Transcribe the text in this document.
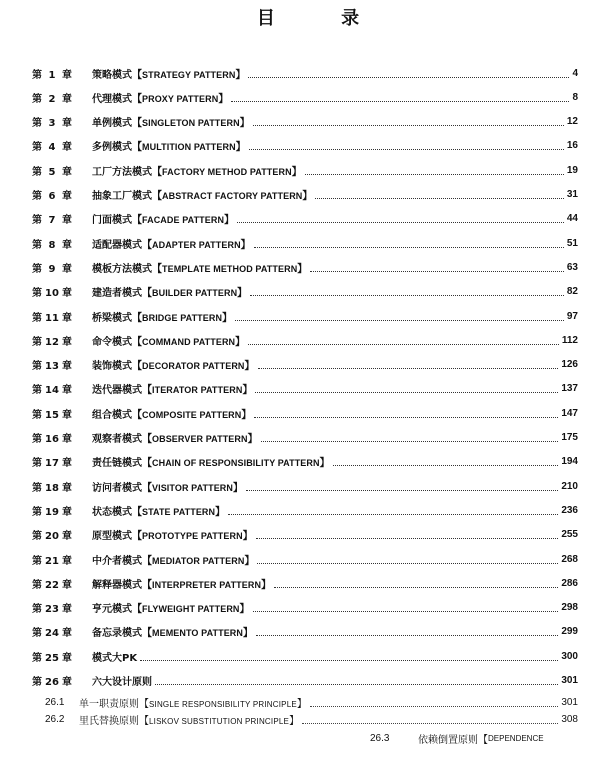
目 录
第 1 章	策略模式【STRATEGY PATTERN】	4
第 2 章	代理模式【PROXY PATTERN】	8
第 3 章	单例模式【SINGLETON PATTERN】	12
第 4 章	多例模式【MULTITION PATTERN】	16
第 5 章	工厂方法模式【FACTORY METHOD PATTERN】	19
第 6 章	抽象工厂模式【ABSTRACT FACTORY PATTERN】	31
第 7 章	门面模式【FACADE PATTERN】	44
第 8 章	适配器模式【ADAPTER PATTERN】	51
第 9 章	模板方法模式【TEMPLATE METHOD PATTERN】	63
第 10 章	建造者模式【BUILDER PATTERN】	82
第 11 章	桥梁模式【BRIDGE PATTERN】	97
第 12 章	命令模式【COMMAND PATTERN】	112
第 13 章	装饰模式【DECORATOR PATTERN】	126
第 14 章	迭代器模式【ITERATOR PATTERN】	137
第 15 章	组合模式【COMPOSITE PATTERN】	147
第 16 章	观察者模式【OBSERVER PATTERN】	175
第 17 章	责任链模式【CHAIN OF RESPONSIBILITY PATTERN】	194
第 18 章	访问者模式【VISITOR PATTERN】	210
第 19 章	状态模式【STATE PATTERN】	236
第 20 章	原型模式【PROTOTYPE PATTERN】	255
第 21 章	中介者模式【MEDIATOR PATTERN】	268
第 22 章	解释器模式【INTERPRETER PATTERN】	286
第 23 章	亨元模式【FLYWEIGHT PATTERN】	298
第 24 章	备忘录模式【MEMENTO PATTERN】	299
第 25 章	模式大PK	300
第 26 章	六大设计原则	301
26.1	单一职责原则【SINGLE RESPONSIBILITY PRINCIPLE】	301
26.2	里氏替换原则【LISKOV SUBSTITUTION PRINCIPLE】	308
26.3	依赖倒置原则 【 DEPENDENCE
